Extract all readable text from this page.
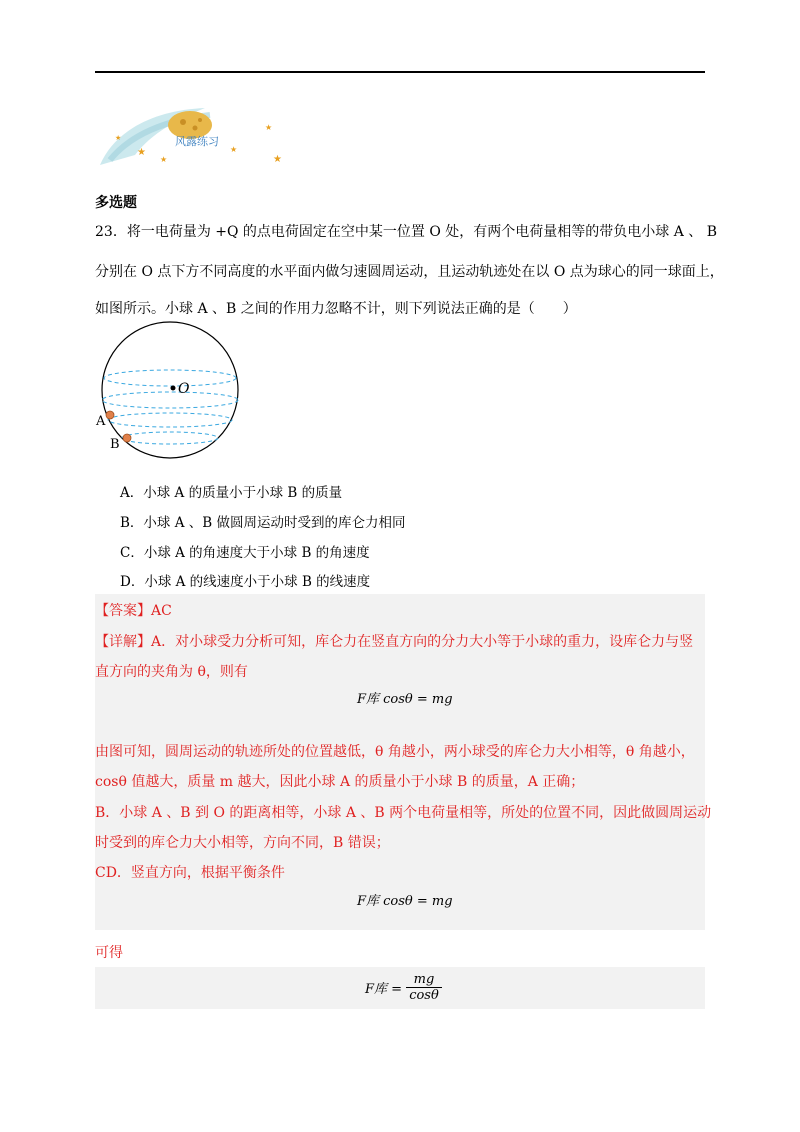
风露练习
★
★
★
★
★
★
多选题
23．将一电荷量为 +Q 的点电荷固定在空中某一位置 O 处，有两个电荷量相等的带负电小球 A 、 B
分别在 O 点下方不同高度的水平面内做匀速圆周运动，且运动轨迹处在以 O 点为球心的同一球面上，
如图所示。小球 A 、B 之间的作用力忽略不计，则下列说法正确的是（　　）
O
A
B
A．小球 A 的质量小于小球 B 的质量
B．小球 A 、B 做圆周运动时受到的库仑力相同
C．小球 A 的角速度大于小球 B 的角速度
D．小球 A 的线速度小于小球 B 的线速度
【答案】AC
【详解】A．对小球受力分析可知，库仑力在竖直方向的分力大小等于小球的重力，设库仑力与竖
直方向的夹角为 θ，则有
F库 cosθ = mg
由图可知，圆周运动的轨迹所处的位置越低，θ 角越小，两小球受的库仑力大小相等，θ 角越小，
cosθ 值越大，质量 m 越大，因此小球 A 的质量小于小球 B 的质量，A 正确；
B．小球 A 、B 到 O 的距离相等，小球 A 、B 两个电荷量相等，所处的位置不同，因此做圆周运动
时受到的库仑力大小相等，方向不同，B 错误；
CD．竖直方向，根据平衡条件
F库 cosθ = mg
可得
F库 = $\frac{mg}{\cos\theta}$
